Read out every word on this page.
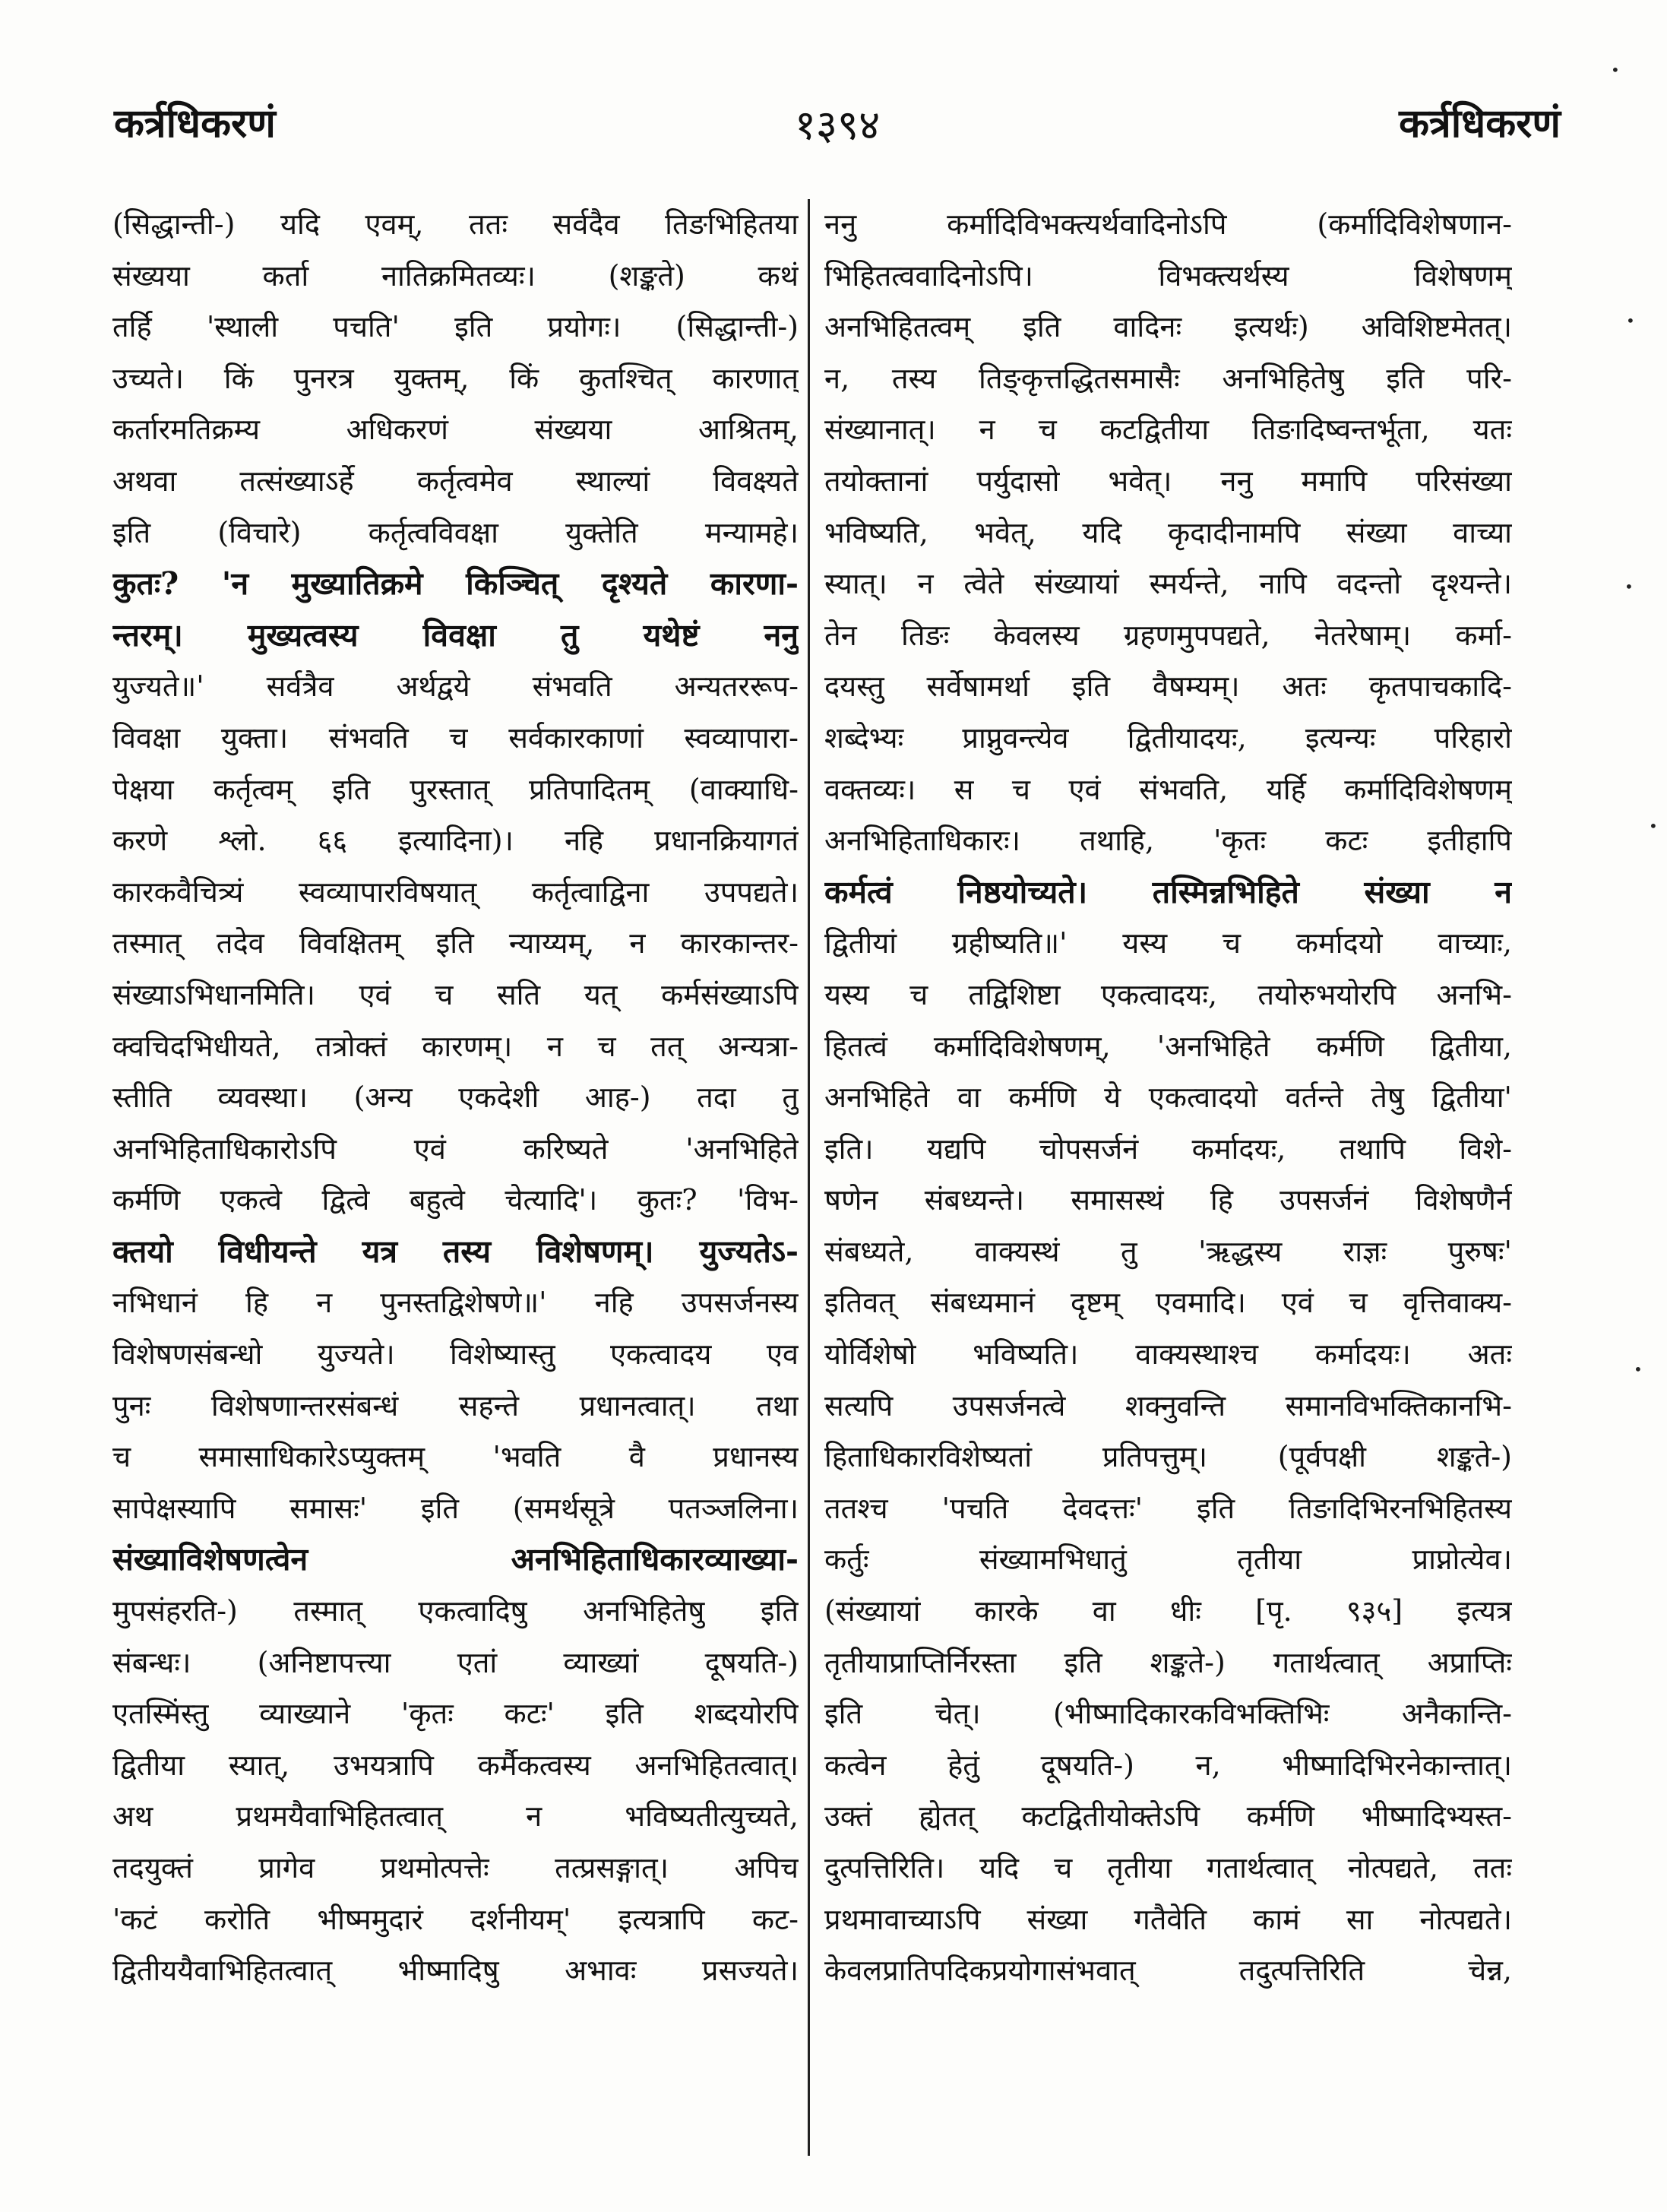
कर्त्रधिकरणं	१३९४	कर्त्रधिकरणं
(सिद्धान्ती-) यदि एवम्, ततः सर्वदैव तिङभिहितया
संख्यया कर्ता नातिक्रमितव्यः। (शङ्कते) कथं
तर्हि 'स्थाली पचति' इति प्रयोगः। (सिद्धान्ती-)
उच्यते। किं पुनरत्र युक्तम्, किं कुतश्चित् कारणात्
कर्तारमतिक्रम्य अधिकरणं संख्यया आश्रितम्,
अथवा तत्संख्याऽर्हे कर्तृत्वमेव स्थाल्यां विवक्ष्यते
इति (विचारे) कर्तृत्वविवक्षा युक्तेति मन्यामहे।
कुतः? 'न मुख्यातिक्रमे किञ्चित् दृश्यते कारणा-
न्तरम्। मुख्यत्वस्य विवक्षा तु यथेष्टं ननु
युज्यते॥' सर्वत्रैव अर्थद्वये संभवति अन्यतररूप-
विवक्षा युक्ता। संभवति च सर्वकारकाणां स्वव्यापारा-
पेक्षया कर्तृत्वम् इति पुरस्तात् प्रतिपादितम् (वाक्याधि-
करणे श्लो. ६६ इत्यादिना)। नहि प्रधानक्रियागतं
कारकवैचित्र्यं स्वव्यापारविषयात् कर्तृत्वाद्विना उपपद्यते।
तस्मात् तदेव विवक्षितम् इति न्याय्यम्, न कारकान्तर-
संख्याऽभिधानमिति। एवं च सति यत् कर्मसंख्याऽपि
क्वचिदभिधीयते, तत्रोक्तं कारणम्। न च तत् अन्यत्रा-
स्तीति व्यवस्था। (अन्य एकदेशी आह-) तदा तु
अनभिहिताधिकारोऽपि एवं करिष्यते 'अनभिहिते
कर्मणि एकत्वे द्वित्वे बहुत्वे चेत्यादि'। कुतः? 'विभ-
क्तयो विधीयन्ते यत्र तस्य विशेषणम्। युज्यतेऽ-
नभिधानं हि न पुनस्तद्विशेषणे॥' नहि उपसर्जनस्य
विशेषणसंबन्धो युज्यते। विशेष्यास्तु एकत्वादय एव
पुनः विशेषणान्तरसंबन्धं सहन्ते प्रधानत्वात्। तथा
च समासाधिकारेऽप्युक्तम् 'भवति वै प्रधानस्य
सापेक्षस्यापि समासः' इति (समर्थसूत्रे पतञ्जलिना।
संख्याविशेषणत्वेन अनभिहिताधिकारव्याख्या-
मुपसंहरति-) तस्मात् एकत्वादिषु अनभिहितेषु इति
संबन्धः। (अनिष्टापत्त्या एतां व्याख्यां दूषयति-)
एतस्मिंस्तु व्याख्याने 'कृतः कटः' इति शब्दयोरपि
द्वितीया स्यात्, उभयत्रापि कर्मैकत्वस्य अनभिहितत्वात्।
अथ प्रथमयैवाभिहितत्वात् न भविष्यतीत्युच्यते,
तदयुक्तं प्रागेव प्रथमोत्पत्तेः तत्प्रसङ्गात्। अपिच
'कटं करोति भीष्ममुदारं दर्शनीयम्' इत्यत्रापि कट-
द्वितीययैवाभिहितत्वात् भीष्मादिषु अभावः प्रसज्यते।
ननु कर्मादिविभक्त्यर्थवादिनोऽपि (कर्मादिविशेषणान-
भिहितत्ववादिनोऽपि। विभक्त्यर्थस्य विशेषणम्
अनभिहितत्वम् इति वादिनः इत्यर्थः) अविशिष्टमेतत्।
न, तस्य तिङ्कृत्तद्धितसमासैः अनभिहितेषु इति परि-
संख्यानात्। न च कटद्वितीया तिङादिष्वन्तर्भूता, यतः
तयोक्तानां पर्युदासो भवेत्। ननु ममापि परिसंख्या
भविष्यति, भवेत्, यदि कृदादीनामपि संख्या वाच्या
स्यात्। न त्वेते संख्यायां स्मर्यन्ते, नापि वदन्तो दृश्यन्ते।
तेन तिङः केवलस्य ग्रहणमुपपद्यते, नेतरेषाम्। कर्मा-
दयस्तु सर्वेषामर्था इति वैषम्यम्। अतः कृतपाचकादि-
शब्देभ्यः प्राप्नुवन्त्येव द्वितीयादयः, इत्यन्यः परिहारो
वक्तव्यः। स च एवं संभवति, यर्हि कर्मादिविशेषणम्
अनभिहिताधिकारः। तथाहि, 'कृतः कटः इतीहापि
कर्मत्वं निष्ठयोच्यते। तस्मिन्नभिहिते संख्या न
द्वितीयां ग्रहीष्यति॥' यस्य च कर्मादयो वाच्याः,
यस्य च तद्विशिष्टा एकत्वादयः, तयोरुभयोरपि अनभि-
हितत्वं कर्मादिविशेषणम्, 'अनभिहिते कर्मणि द्वितीया,
अनभिहिते वा कर्मणि ये एकत्वादयो वर्तन्ते तेषु द्वितीया'
इति। यद्यपि चोपसर्जनं कर्मादयः, तथापि विशे-
षणेन संबध्यन्ते। समासस्थं हि उपसर्जनं विशेषणैर्न
संबध्यते, वाक्यस्थं तु 'ऋद्धस्य राज्ञः पुरुषः'
इतिवत् संबध्यमानं दृष्टम् एवमादि। एवं च वृत्तिवाक्य-
योर्विशेषो भविष्यति। वाक्यस्थाश्च कर्मादयः। अतः
सत्यपि उपसर्जनत्वे शक्नुवन्ति समानविभक्तिकानभि-
हिताधिकारविशेष्यतां प्रतिपत्तुम्। (पूर्वपक्षी शङ्कते-)
ततश्च 'पचति देवदत्तः' इति तिङादिभिरनभिहितस्य
कर्तुः संख्यामभिधातुं तृतीया प्राप्नोत्येव।
(संख्यायां कारके वा धीः [पृ. ९३५] इत्यत्र
तृतीयाप्राप्तिर्निरस्ता इति शङ्कते-) गतार्थत्वात् अप्राप्तिः
इति चेत्। (भीष्मादिकारकविभक्तिभिः अनैकान्ति-
कत्वेन हेतुं दूषयति-) न, भीष्मादिभिरनेकान्तात्।
उक्तं ह्येतत् कटद्वितीयोक्तेऽपि कर्मणि भीष्मादिभ्यस्त-
दुत्पत्तिरिति। यदि च तृतीया गतार्थत्वात् नोत्पद्यते, ततः
प्रथमावाच्याऽपि संख्या गतैवेति कामं सा नोत्पद्यते।
केवलप्रातिपदिकप्रयोगासंभवात् तदुत्पत्तिरिति चेन्न,
•
•
•
•
•
